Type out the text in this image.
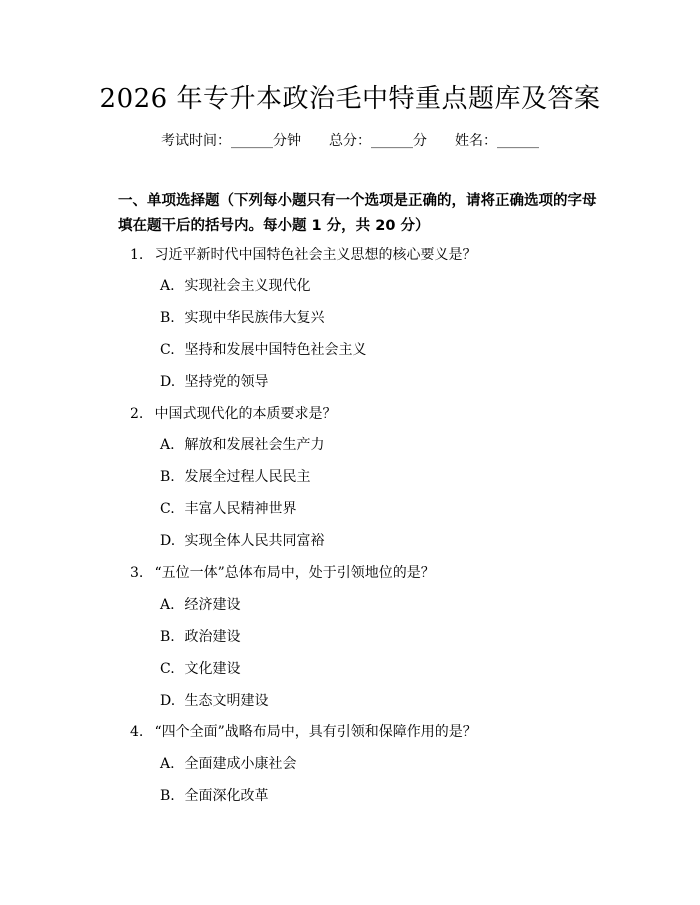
2026 年专升本政治毛中特重点题库及答案
考试时间：______分钟 总分：______分 姓名：______
一、单项选择题（下列每小题只有一个选项是正确的，请将正确选项的字母填在题干后的括号内。每小题 1 分，共 20 分）
1. 习近平新时代中国特色社会主义思想的核心要义是？
A. 实现社会主义现代化
B. 实现中华民族伟大复兴
C. 坚持和发展中国特色社会主义
D. 坚持党的领导
2. 中国式现代化的本质要求是？
A. 解放和发展社会生产力
B. 发展全过程人民民主
C. 丰富人民精神世界
D. 实现全体人民共同富裕
3. “五位一体”总体布局中，处于引领地位的是？
A. 经济建设
B. 政治建设
C. 文化建设
D. 生态文明建设
4. “四个全面”战略布局中，具有引领和保障作用的是？
A. 全面建成小康社会
B. 全面深化改革
